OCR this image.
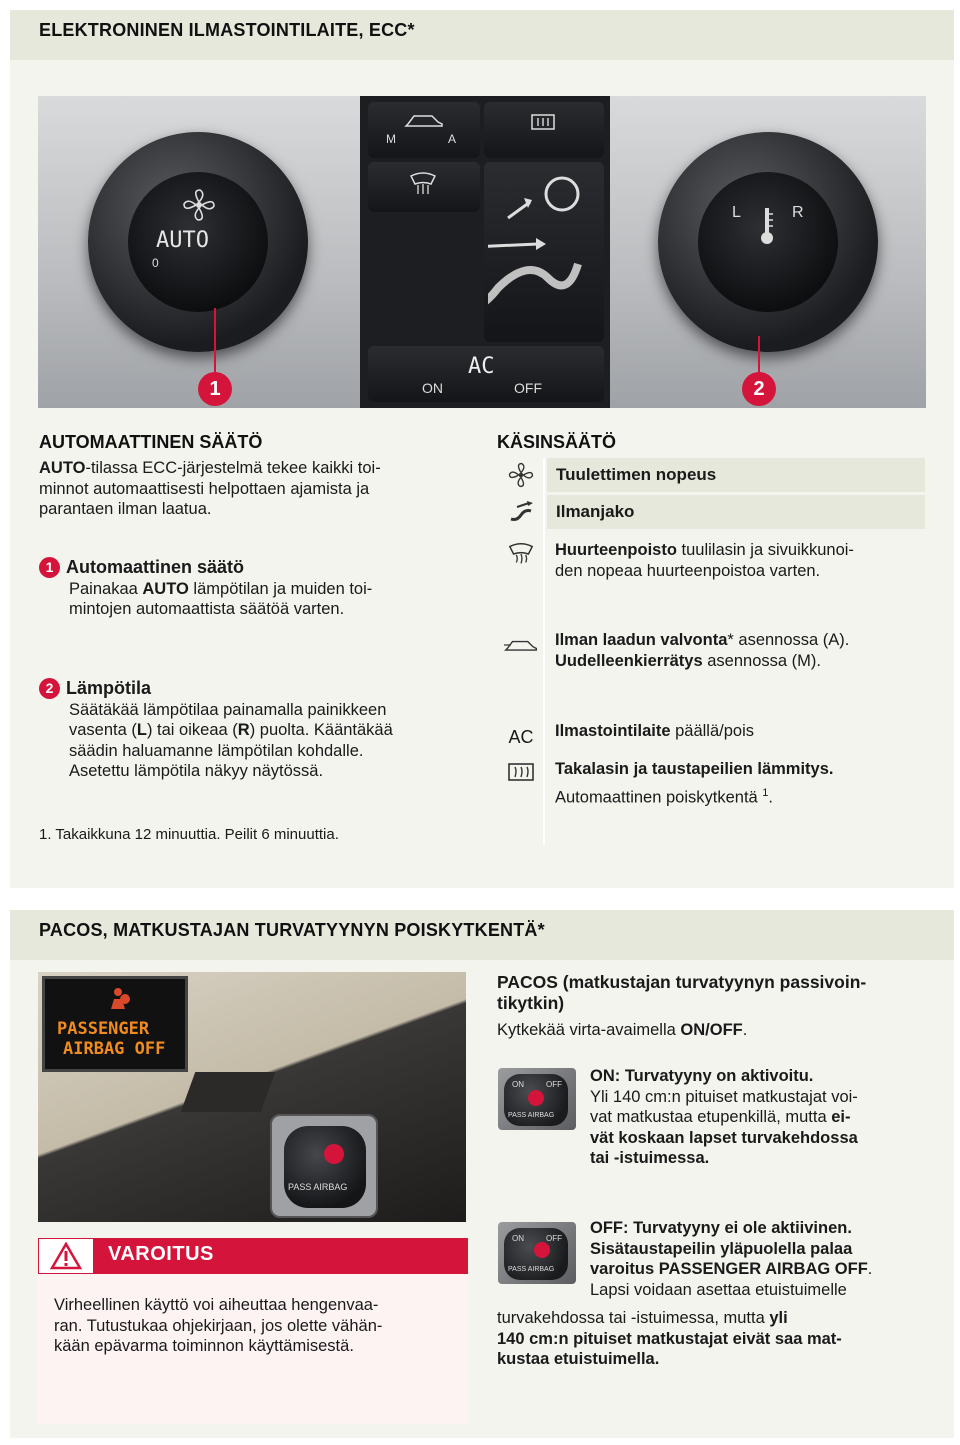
ELEKTRONINEN ILMASTOINTILAITE, ECC*
M	A
AC
ON	OFF
AUTO
0
L	R
1	2
AUTOMAATTINEN SÄÄTÖ
AUTO-tilassa ECC-järjestelmä tekee kaikki toi-
minnot automaattisesti helpottaen ajamista ja
parantaen ilman laatua.
1 Automaattinen säätö
Painakaa AUTO lämpötilan ja muiden toi-
mintojen automaattista säätöä varten.
2 Lämpötila
Säätäkää lämpötilaa painamalla painikkeen
vasenta (L) tai oikeaa (R) puolta. Kääntäkää
säädin haluamanne lämpötilan kohdalle.
Asetettu lämpötila näkyy näytössä.
1. Takaikkuna 12 minuuttia. Peilit 6 minuuttia.
KÄSINSÄÄTÖ
Tuulettimen nopeus
Ilmanjako
Huurteenpoisto tuulilasin ja sivuikkunoi-
den nopeaa huurteenpoistoa varten.
Ilman laadun valvonta* asennossa (A).
Uudelleenkierrätys asennossa (M).
AC	Ilmastointilaite päällä/pois
Takalasin ja taustapeilien lämmitys.
Automaattinen poiskytkentä $^1$.
PACOS, MATKUSTAJAN TURVATYYNYN POISKYTKENTÄ*
PASSENGER
AIRBAG OFF
PASS AIRBAG
VAROITUS
Virheellinen käyttö voi aiheuttaa hengenvaa-
ran. Tutustukaa ohjekirjaan, jos olette vähän-
kään epävarma toiminnon käyttämisestä.
PACOS (matkustajan turvatyynyn passivoin-
tikytkin)
Kytkekää virta-avaimella ON/OFF.
ON	OFF
PASS AIRBAG
ON: Turvatyyny on aktivoitu.
Yli 140 cm:n pituiset matkustajat voi-
vat matkustaa etupenkillä, mutta ei-
vät koskaan lapset turvakehdossa
tai -istuimessa.
ON	OFF
PASS AIRBAG
OFF: Turvatyyny ei ole aktiivinen.
Sisätaustapeilin yläpuolella palaa
varoitus PASSENGER AIRBAG OFF.
Lapsi voidaan asettaa etuistuimelle
turvakehdossa tai -istuimessa, mutta yli
140 cm:n pituiset matkustajat eivät saa mat-
kustaa etuistuimella.
